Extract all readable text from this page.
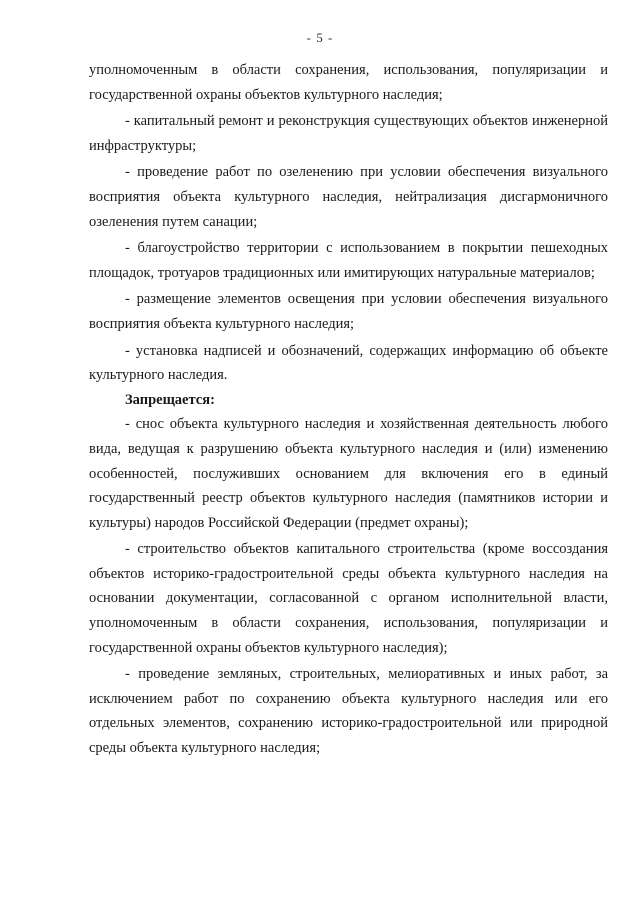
- 5 -

уполномоченным в области сохранения, использования, популяризации и государственной охраны объектов культурного наследия;

- капитальный ремонт и реконструкция существующих объектов инженерной инфраструктуры;

- проведение работ по озеленению при условии обеспечения визуального восприятия объекта культурного наследия, нейтрализация дисгармоничного озеленения путем санации;

- благоустройство территории с использованием в покрытии пешеходных площадок, тротуаров традиционных или имитирующих натуральные материалов;

- размещение элементов освещения при условии обеспечения визуального восприятия объекта культурного наследия;

- установка надписей и обозначений, содержащих информацию об объекте культурного наследия.

Запрещается:

- снос объекта культурного наследия и хозяйственная деятельность любого вида, ведущая к разрушению объекта культурного наследия и (или) изменению особенностей, послуживших основанием для включения его в единый государственный реестр объектов культурного наследия (памятников истории и культуры) народов Российской Федерации (предмет охраны);

- строительство объектов капитального строительства (кроме воссоздания объектов историко-градостроительной среды объекта культурного наследия на основании документации, согласованной с органом исполнительной власти, уполномоченным в области сохранения, использования, популяризации и государственной охраны объектов культурного наследия);

- проведение земляных, строительных, мелиоративных и иных работ, за исключением работ по сохранению объекта культурного наследия или его отдельных элементов, сохранению историко-градостроительной или природной среды объекта культурного наследия;
